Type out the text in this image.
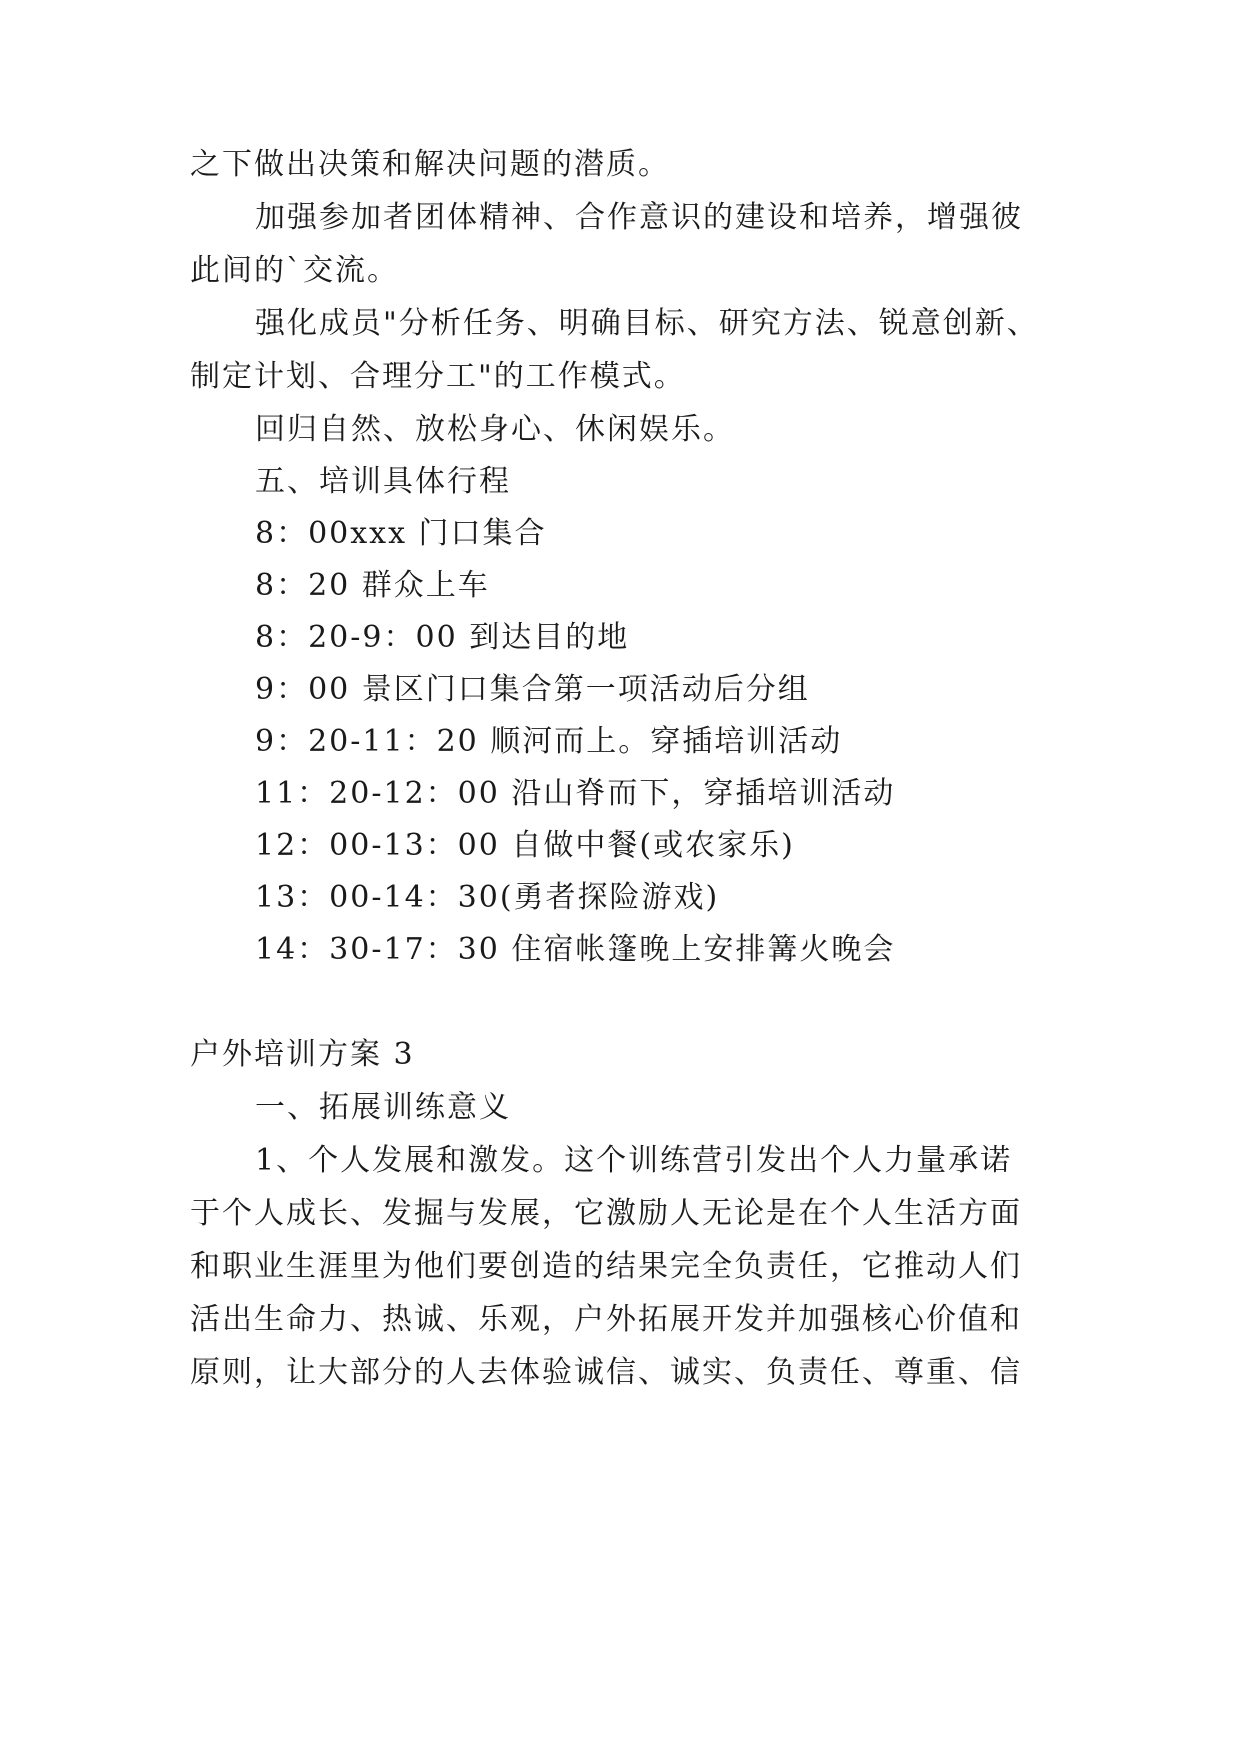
之下做出决策和解决问题的潜质。
加强参加者团体精神、合作意识的建设和培养，增强彼
此间的`交流。
强化成员"分析任务、明确目标、研究方法、锐意创新、
制定计划、合理分工"的工作模式。
回归自然、放松身心、休闲娱乐。
五、培训具体行程
8：00xxx 门口集合
8：20 群众上车
8：20-9：00 到达目的地
9：00 景区门口集合第一项活动后分组
9：20-11：20 顺河而上。穿插培训活动
11：20-12：00 沿山脊而下，穿插培训活动
12：00-13：00 自做中餐(或农家乐)
13：00-14：30(勇者探险游戏)
14：30-17：30 住宿帐篷晚上安排篝火晚会
户外培训方案 3
一、拓展训练意义
1、个人发展和激发。这个训练营引发出个人力量承诺
于个人成长、发掘与发展，它激励人无论是在个人生活方面
和职业生涯里为他们要创造的结果完全负责任，它推动人们
活出生命力、热诚、乐观，户外拓展开发并加强核心价值和
原则，让大部分的人去体验诚信、诚实、负责任、尊重、信
